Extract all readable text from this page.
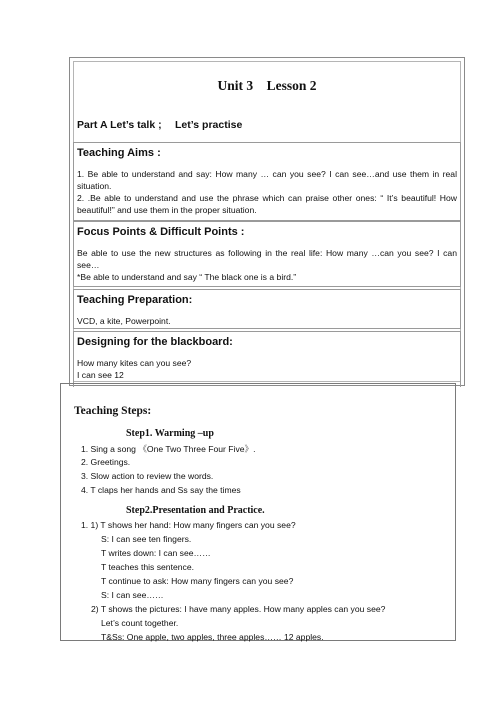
Unit 3　Lesson 2
Part A Let’s talk ;　 Let’s practise
Teaching Aims :
1. Be able to understand and say: How many … can you see? I can see…and use them in real situation.
2. .Be able to understand and use the phrase which can praise other ones: “ It’s beautiful! How beautiful!” and use them in the proper situation.
Focus Points & Difficult Points :
Be able to use the new structures as following in the real life: How many …can you see? I can see…
*Be able to understand and say “ The black one is a bird.”
Teaching Preparation:
VCD, a kite, Powerpoint.
Designing for the blackboard:
How many kites can you see?
I can see 12
Teaching Steps:
Step1. Warming –up
1. Sing a song 《One Two Three Four Five》.
2. Greetings.
3. Slow action to review the words.
4. T claps her hands and Ss say the times
Step2.Presentation and Practice.
1. 1) T shows her hand: How many fingers can you see?
S: I can see ten fingers.
T writes down: I can see……
T teaches this sentence.
T continue to ask: How many fingers can you see?
S: I can see……
2) T shows the pictures: I have many apples. How many apples can you see?
Let’s count together.
T&Ss: One apple, two apples, three apples…… 12 apples.
